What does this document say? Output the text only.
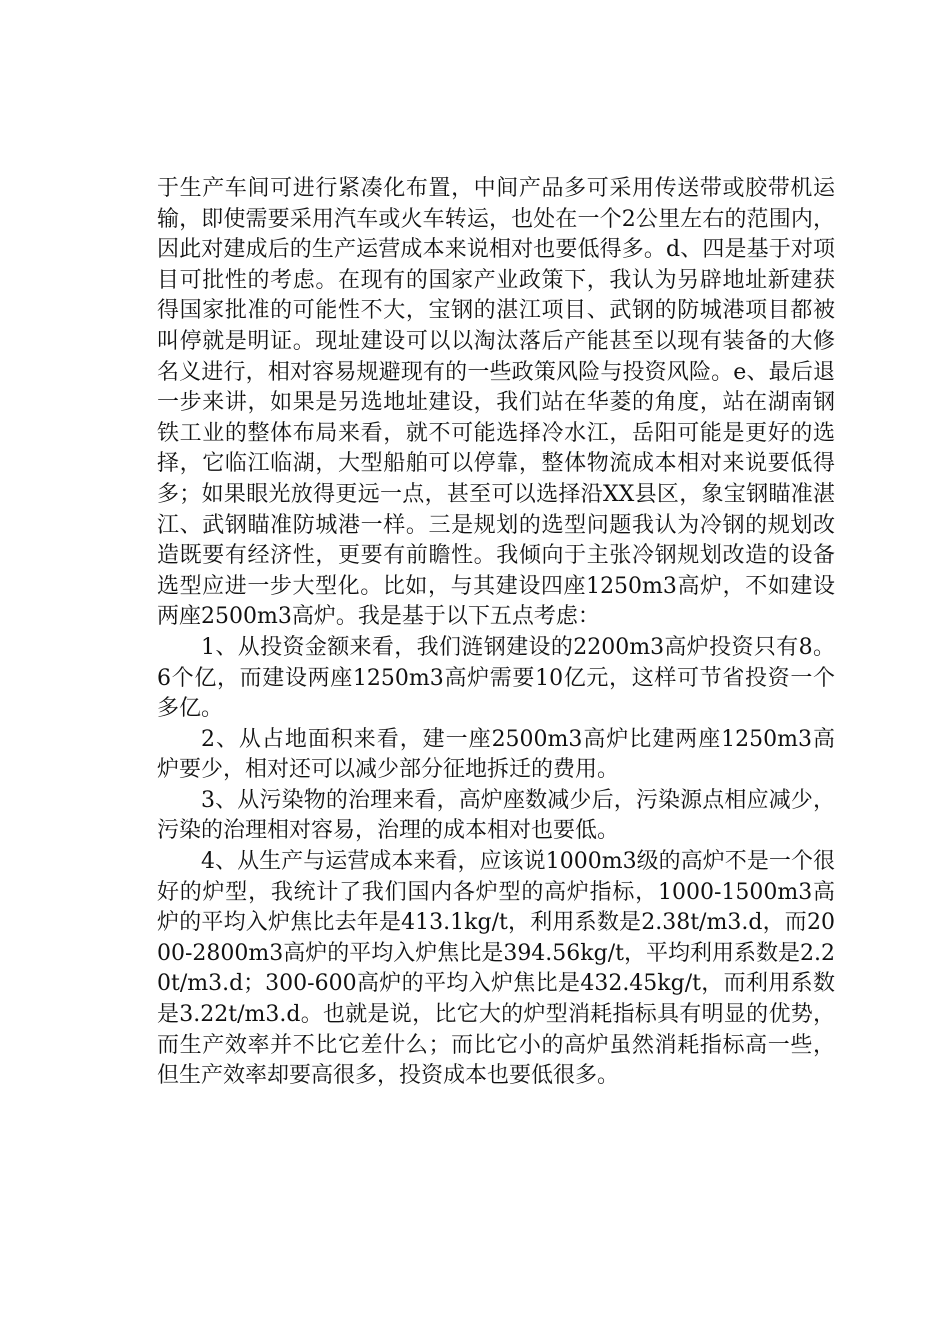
于生产车间可进行紧凑化布置，中间产品多可采用传送带或胶带机运输，即使需要采用汽车或火车转运，也处在一个2公里左右的范围内，因此对建成后的生产运营成本来说相对也要低得多。d、四是基于对项目可批性的考虑。在现有的国家产业政策下，我认为另辟地址新建获得国家批准的可能性不大，宝钢的湛江项目、武钢的防城港项目都被叫停就是明证。现址建设可以以淘汰落后产能甚至以现有装备的大修名义进行，相对容易规避现有的一些政策风险与投资风险。e、最后退一步来讲，如果是另选地址建设，我们站在华菱的角度，站在湖南钢铁工业的整体布局来看，就不可能选择冷水江，岳阳可能是更好的选择，它临江临湖，大型船舶可以停靠，整体物流成本相对来说要低得多；如果眼光放得更远一点，甚至可以选择沿XX县区，象宝钢瞄准湛江、武钢瞄准防城港一样。三是规划的选型问题我认为冷钢的规划改造既要有经济性，更要有前瞻性。我倾向于主张冷钢规划改造的设备选型应进一步大型化。比如，与其建设四座1250m3高炉，不如建设两座2500m3高炉。我是基于以下五点考虑：

1、从投资金额来看，我们涟钢建设的2200m3高炉投资只有8。6个亿，而建设两座1250m3高炉需要10亿元，这样可节省投资一个多亿。

2、从占地面积来看，建一座2500m3高炉比建两座1250m3高炉要少，相对还可以减少部分征地拆迁的费用。

3、从污染物的治理来看，高炉座数减少后，污染源点相应减少，污染的治理相对容易，治理的成本相对也要低。

4、从生产与运营成本来看，应该说1000m3级的高炉不是一个很好的炉型，我统计了我们国内各炉型的高炉指标，1000-1500m3高炉的平均入炉焦比去年是413.1kg/t，利用系数是2.38t/m3.d，而2000-2800m3高炉的平均入炉焦比是394.56kg/t，平均利用系数是2.20t/m3.d；300-600高炉的平均入炉焦比是432.45kg/t，而利用系数是3.22t/m3.d。也就是说，比它大的炉型消耗指标具有明显的优势，而生产效率并不比它差什么；而比它小的高炉虽然消耗指标高一些，但生产效率却要高很多，投资成本也要低很多。
